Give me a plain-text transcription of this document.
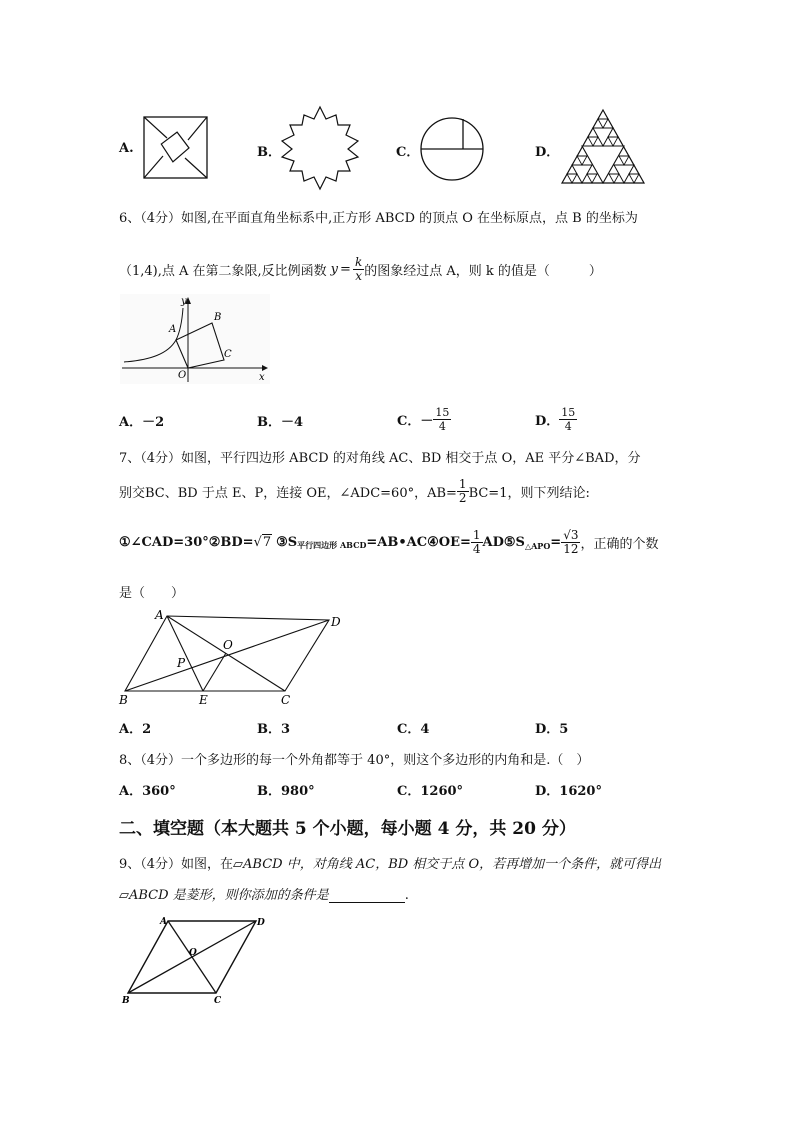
A.	B．	C．	D．
6、（4分）如图,在平面直角坐标系中,正方形 ABCD 的顶点 O 在坐标原点，点 B 的坐标为
（1,4),点 A 在第二象限,反比例函数 $y = \frac{k}{x}$ 的图象经过点 A，则 k 的值是（　　　）
y
A
B
C
O	x
A．－2	B．－4	C．－ $\frac{15}{4}$	D． $\frac{15}{4}$
7、（4分）如图，平行四边形 ABCD 的对角线 AC、BD 相交于点 O，AE 平分∠BAD，分
别交BC、BD 于点 E、P，连接 OE，∠ADC=60°，$AB= \frac{1}{2} BC=1$，则下列结论:
①∠CAD=30°②BD= √ 7 ③S 平行四边形 ABCD =AB•AC④OE= $\frac{1}{4}$ AD⑤S △APO = $\frac{√3}{12}$ ，正确的个数
是（　　）
A	D
O
P
B	E	C
A．2	B．3	C．4	D．5
8、（4分）一个多边形的每一个外角都等于 40°，则这个多边形的内角和是.（　）
A．360°	B．980°	C．1260°	D．1620°
二、填空题（本大题共 5 个小题，每小题 4 分，共 20 分）
9、（4分）如图，在▱ABCD 中，对角线 AC，BD 相交于点 O，若再增加一个条件，就可得出
▱ABCD 是菱形，则你添加的条件是	.
A	D
O
B	C
